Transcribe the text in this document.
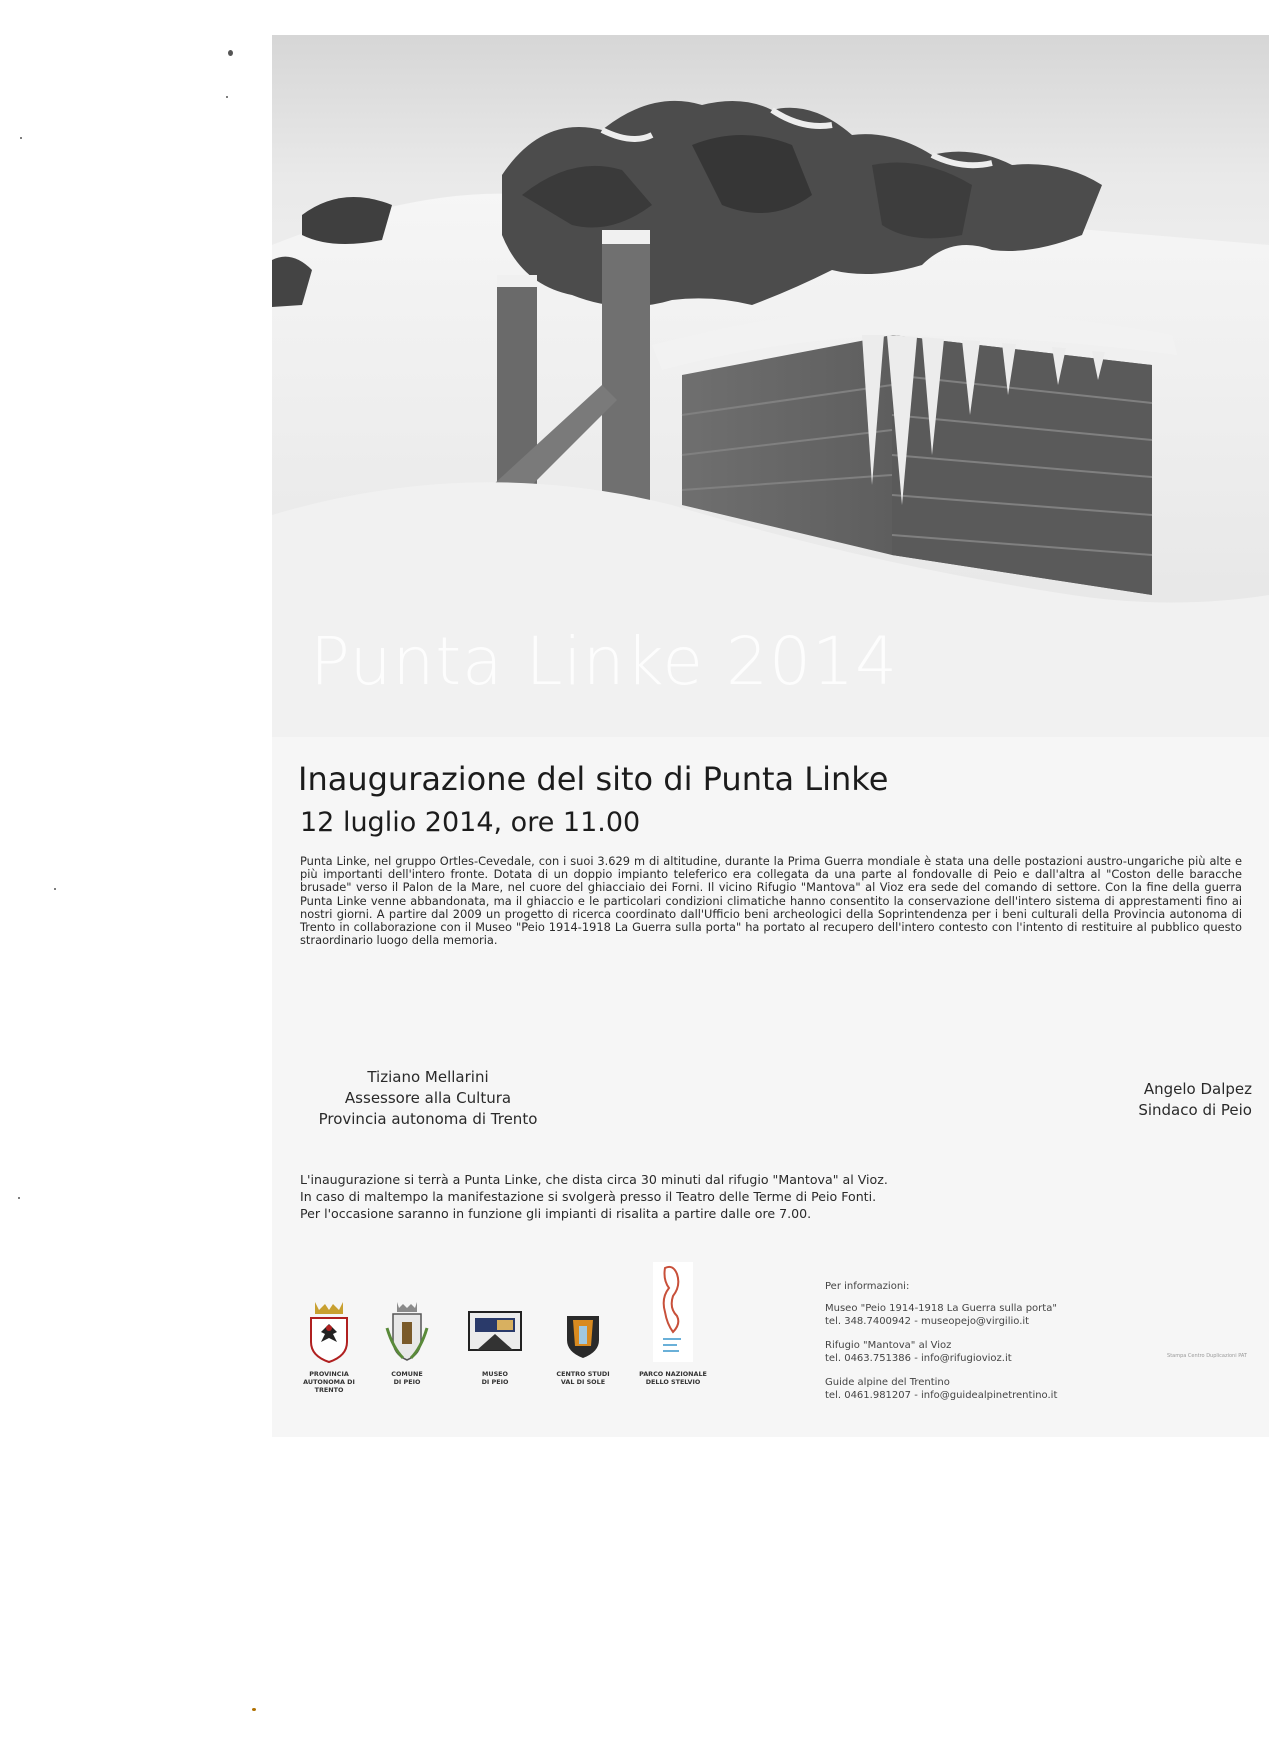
Punta Linke 2014
Inaugurazione del sito di Punta Linke
12 luglio 2014, ore 11.00

Punta Linke, nel gruppo Ortles-Cevedale, con i suoi 3.629 m di altitudine, durante la Prima Guerra mondiale è stata una delle postazioni austro-ungariche più alte e più importanti dell'intero fronte. Dotata di un doppio impianto teleferico era collegata da una parte al fondovalle di Peio e dall'altra al "Coston delle baracche brusade" verso il Palon de la Mare, nel cuore del ghiacciaio dei Forni. Il vicino Rifugio "Mantova" al Vioz era sede del comando di settore. Con la fine della guerra Punta Linke venne abbandonata, ma il ghiaccio e le particolari condizioni climatiche hanno consentito la conservazione dell'intero sistema di apprestamenti fino ai nostri giorni. A partire dal 2009 un progetto di ricerca coordinato dall'Ufficio beni archeologici della Soprintendenza per i beni culturali della Provincia autonoma di Trento in collaborazione con il Museo "Peio 1914-1918 La Guerra sulla porta" ha portato al recupero dell'intero contesto con l'intento di restituire al pubblico questo straordinario luogo della memoria.

Tiziano Mellarini
Assessore alla Cultura
Provincia autonoma di Trento
Angelo Dalpez
Sindaco di Peio
L'inaugurazione si terrà a Punta Linke, che dista circa 30 minuti dal rifugio "Mantova" al Vioz.
In caso di maltempo la manifestazione si svolgerà presso il Teatro delle Terme di Peio Fonti.
Per l'occasione saranno in funzione gli impianti di risalita a partire dalle ore 7.00.
PROVINCIA
AUTONOMA DI
TRENTO
COMUNE
DI PEIO
MUSEO
DI PEIO
CENTRO STUDI
VAL DI SOLE
PARCO NAZIONALE
DELLO STELVIO
Per informazioni:
Museo "Peio 1914-1918 La Guerra sulla porta"
tel. 348.7400942 - museopejo@virgilio.it
Rifugio "Mantova" al Vioz
tel. 0463.751386 - info@rifugiovioz.it
Guide alpine del Trentino
tel. 0461.981207 - info@guidealpinetrentino.it
Stampa Centro Duplicazioni PAT
